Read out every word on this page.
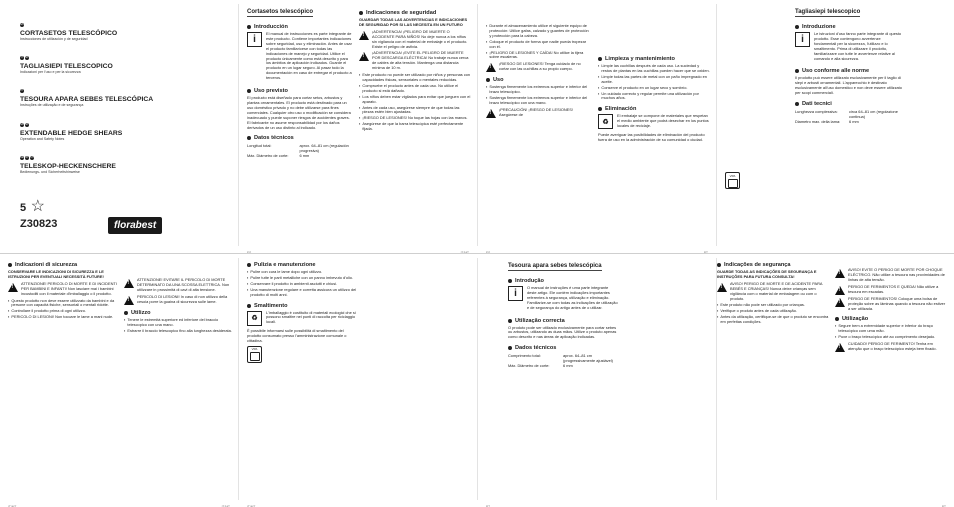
ES
CORTASETOS TELESCÓPICO
Instrucciones de utilización y de seguridad
IT	MT
TAGLIASIEPI TELESCOPICO
Indicazioni per l'uso e per la sicurezza
PT
TESOURA APARA SEBES TELESCÓPICA
Instruções de utilização e de segurança
GB MT
EXTENDABLE HEDGE SHEARS
Operation and Safety Notes
DE AT CH
TELESKOP-HECKENSCHERE
Bedienungs- und Sicherheitshinweise
5 ☆
Z30823	florabest
Cortasetos telescópico
Introducción
i
El manual de instrucciones es parte integrante de este producto. Contiene importantes indicaciones sobre seguridad, uso y eliminación. Antes de usar el producto familiarícese con todas las indicaciones de manejo y seguridad. Utilice el producto únicamente como está descrito y para los ámbitos de aplicación indicados. Guarde el producto en un lugar seguro. Al pasar todo la documentación en caso de entregar el producto a terceros.
Uso previsto
El producto está diseñado para cortar setos, arbustos y plantas ornamentales. El producto está destinado para un uso doméstico privado y no debe utilizarse para fines comerciales. Cualquier otro uso o modificación se considera inadecuado y puede suponer riesgos de accidentes graves. El fabricante no asume responsabilidad por los daños derivados de un uso distinto al indicado.
Datos técnicos
Longitud total:	aprox. 64–81 cm (regulación progresiva)
Máx. Diámetro de corte:	6 mm
Indicaciones de seguridad
GUARDAR TODAS LAS ADVERTENCIAS E INDICACIONES DE SEGURIDAD POR SI LAS NECESITA EN UN FUTURO
!
¡ADVERTENCIA! ¡PELIGRO DE MUERTE O ACCIDENTE PARA NIÑOS! No deje nunca a los niños sin vigilancia con el material de embalaje o el producto. Existe el peligro de asfixia.
!
¡ADVERTENCIA! ¡EVITE EL PELIGRO DE MUERTE POR DESCARGA ELÉCTRICA! No trabaje nunca cerca de cables de alta tensión. Mantenga una distancia mínima de 10 m.
▪ Este producto no puede ser utilizado por niños y personas con capacidades físicas, sensoriales o mentales reducidas.
▪ Compruebe el producto antes de cada uso. No utilice el producto si está dañado.
▪ Los niños deben estar vigilados para evitar que jueguen con el aparato.
▪ Antes de cada uso, asegúrese siempre de que todas las piezas estén bien ajustadas.
▪ ¡RIESGO DE LESIONES! No toque las hojas con las manos.
▪ Asegúrese de que la barra telescópica esté perfectamente fijada.
ES	IT/MT
▪ Durante el almacenamiento utilice el siguiente equipo de protección: Utilice gafas, calzado y guantes de protección y protección para la cabeza.
▪ Coloque el producto de forma que nadie pueda tropezar con él.
▪ ¡PELIGRO DE LESIONES Y CAÍDA! No utilice la tijera sobre escaleras.
!
¡RIESGO DE LESIONES! Tenga cuidado de no cortar con las cuchillas a su propio cuerpo.
Uso
▪ Sostenga firmemente los extremos superior e inferior del brazo telescópico.
▪ Sostenga firmemente los extremos superior e inferior del brazo telescópico con una mano.
!
¡PRECAUCIÓN! ¡RIESGO DE LESIONES! Asegúrese de
Limpieza y mantenimiento
▪ Limpie las cuchillas después de cada uso. La suciedad y restos de plantas en las cuchillas pueden hacer que se oxiden.
▪ Limpie todas las partes de metal con un paño impregnado en aceite.
▪ Conserve el producto en un lugar seco y sombrío.
▪ Un cuidado correcto y regular permite una utilización por muchos años.
Eliminación
♻
El embalaje se compone de materiales que respetan el medio ambiente que podrá desechar en los puntos locales de reciclaje.
Puede averiguar las posibilidades de eliminación del producto fuera de uso en la administración de su comunidad o ciudad.
ES	PT
VPA
Tagliasiepi telescopico
Introduzione
i
Le istruzioni d'uso fanno parte integrante di questo prodotto. Esse contengono avvertenze fondamentali per la sicurezza, l'utilizzo e lo smaltimento. Prima di utilizzare il prodotto, familiarizzare con tutte le avvertenze relative al comando e alla sicurezza.
Uso conforme alle norme
Il prodotto può essere utilizzato esclusivamente per il taglio di siepi e arbusti ornamentali. L'apparecchio è destinato esclusivamente all'uso domestico e non deve essere utilizzato per scopi commerciali.
Dati tecnici
Lunghezza complessiva:	circa 64–81 cm (regolazione continua)
Diametro max. della lama:	6 mm
Indicazioni di sicurezza
CONSERVARE LE INDICAZIONI DI SICUREZZA E LE ISTRUZIONI PER EVENTUALI NECESSITÀ FUTURE!
!
ATTENZIONE! PERICOLO DI MORTE E DI INCIDENTI PER BAMBINI E INFANTI! Non lasciare mai i bambini incustoditi con il materiale d'imballaggio o il prodotto.
▪ Questo prodotto non deve essere utilizzato da bambini e da persone con capacità fisiche, sensoriali o mentali ridotte.
▪ Controllare il prodotto prima di ogni utilizzo.
▪ PERICOLO DI LESIONI! Non toccare le lame a mani nude.
!
ATTENZIONE! EVITARE IL PERICOLO DI MORTE DETERMINATO DA UNA SCOSSA ELETTRICA. Non utilizzare in prossimità di cavi di alta tensione.
!
PERICOLO DI LESIONI! In caso di non utilizzo della cesoia porre la guaina di sicurezza sulle lame.
Utilizzo
▪ Tenere le estremità superiore ed inferiore del braccio telescopico con una mano.
▪ Estrarre il braccio telescopico fino alla lunghezza desiderata.
IT/MT	IT/MT
Pulizia e manutenzione
▪ Pulire con cura le lame dopo ogni utilizzo.
▪ Pulire tutte le parti metalliche con un panno imbevuto d'olio.
▪ Conservare il prodotto in ambienti asciutti e chiusi.
▪ Una manutenzione regolare e corretta assicura un utilizzo del prodotto di molti anni.
Smaltimento
♻
L'imballaggio è costituito di materiali ecologici che si possono smaltire nei punti di raccolta per riciclaggio locali.
È possibile informarsi sulle possibilità di smaltimento del prodotto consumato presso l'amministrazione comunale o cittadina.
VPA
IT/MT
Tesoura apara sebes telescópica
Introdução
i
O manual de instruções é uma parte integrante deste artigo. Ele contém indicações importantes referentes à segurança, utilização e eliminação. Familiarize-se com todas as indicações de utilização e de segurança do artigo antes de o utilizar.
Utilização correcta
O produto pode ser utilizado exclusivamente para cortar sebes ou arbustos, utilizando as duas mãos. Utilize o produto apenas como descrito e nas áreas de aplicação indicadas.
Dados técnicos
Comprimento total:	aprox. 64–81 cm (progressivamente ajustável)
Máx. Diâmetro de corte:	6 mm
PT
Indicações de segurança
GUARDE TODAS AS INDICAÇÕES DE SEGURANÇA E INSTRUÇÕES PARA FUTURA CONSULTA!
!
AVISO! PERIGO DE MORTE E DE ACIDENTE PARA BEBÉS E CRIANÇAS! Nunca deixe crianças sem vigilância com o material de embalagem ou com o produto.
▪ Este produto não pode ser utilizado por crianças.
▪ Verifique o produto antes de cada utilização.
▪ Antes da utilização, certifique-se de que o produto se encontra em perfeitas condições.
!
AVISO! EVITE O PERIGO DE MORTE POR CHOQUE ELÉCTRICO. Não utilize a tesoura nas proximidades de linhas de alta tensão.
!
PERIGO DE FERIMENTOS E QUEDA! Não utilize a tesoura em escadas.
!
PERIGO DE FERIMENTOS! Coloque uma bolsa de proteção sobre as lâminas quando a tesoura não estiver a ser utilizada.
Utilização
▪ Segure bem a extremidade superior e inferior do braço telescópico com uma mão.
▪ Puxe o braço telescópico até ao comprimento desejado.
!
CUIDADO! PERIGO DE FERIMENTO! Tenha em atenção que o braço telescópico esteja bem fixado.
PT
